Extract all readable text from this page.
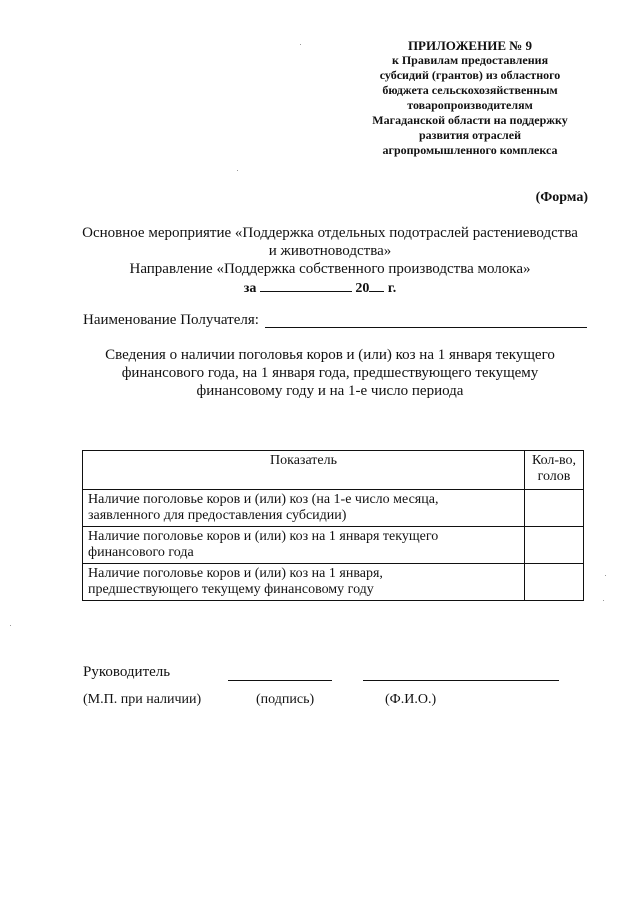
ПРИЛОЖЕНИЕ № 9
к Правилам предоставления
субсидий (грантов) из областного
бюджета сельскохозяйственным
товаропроизводителям
Магаданской области на поддержку
развития отраслей
агропромышленного комплекса
(Форма)
Основное мероприятие «Поддержка отдельных подотраслей растениеводства
и животноводства»
Направление «Поддержка собственного производства молока»
за	20 г.
Наименование Получателя:
Сведения о наличии поголовья коров и (или) коз на 1 января текущего
финансового года, на 1 января года, предшествующего текущему
финансовому году и на 1-е число периода
Показатель	Кол-во,
голов
Наличие поголовье коров и (или) коз (на 1-е число месяца,
заявленного для предоставления субсидии)	
Наличие поголовье коров и (или) коз на 1 января текущего
финансового года	
Наличие поголовье коров и (или) коз на 1 января,
предшествующего текущему финансовому году	
Руководитель
(М.П. при наличии)	(подпись)	(Ф.И.О.)
